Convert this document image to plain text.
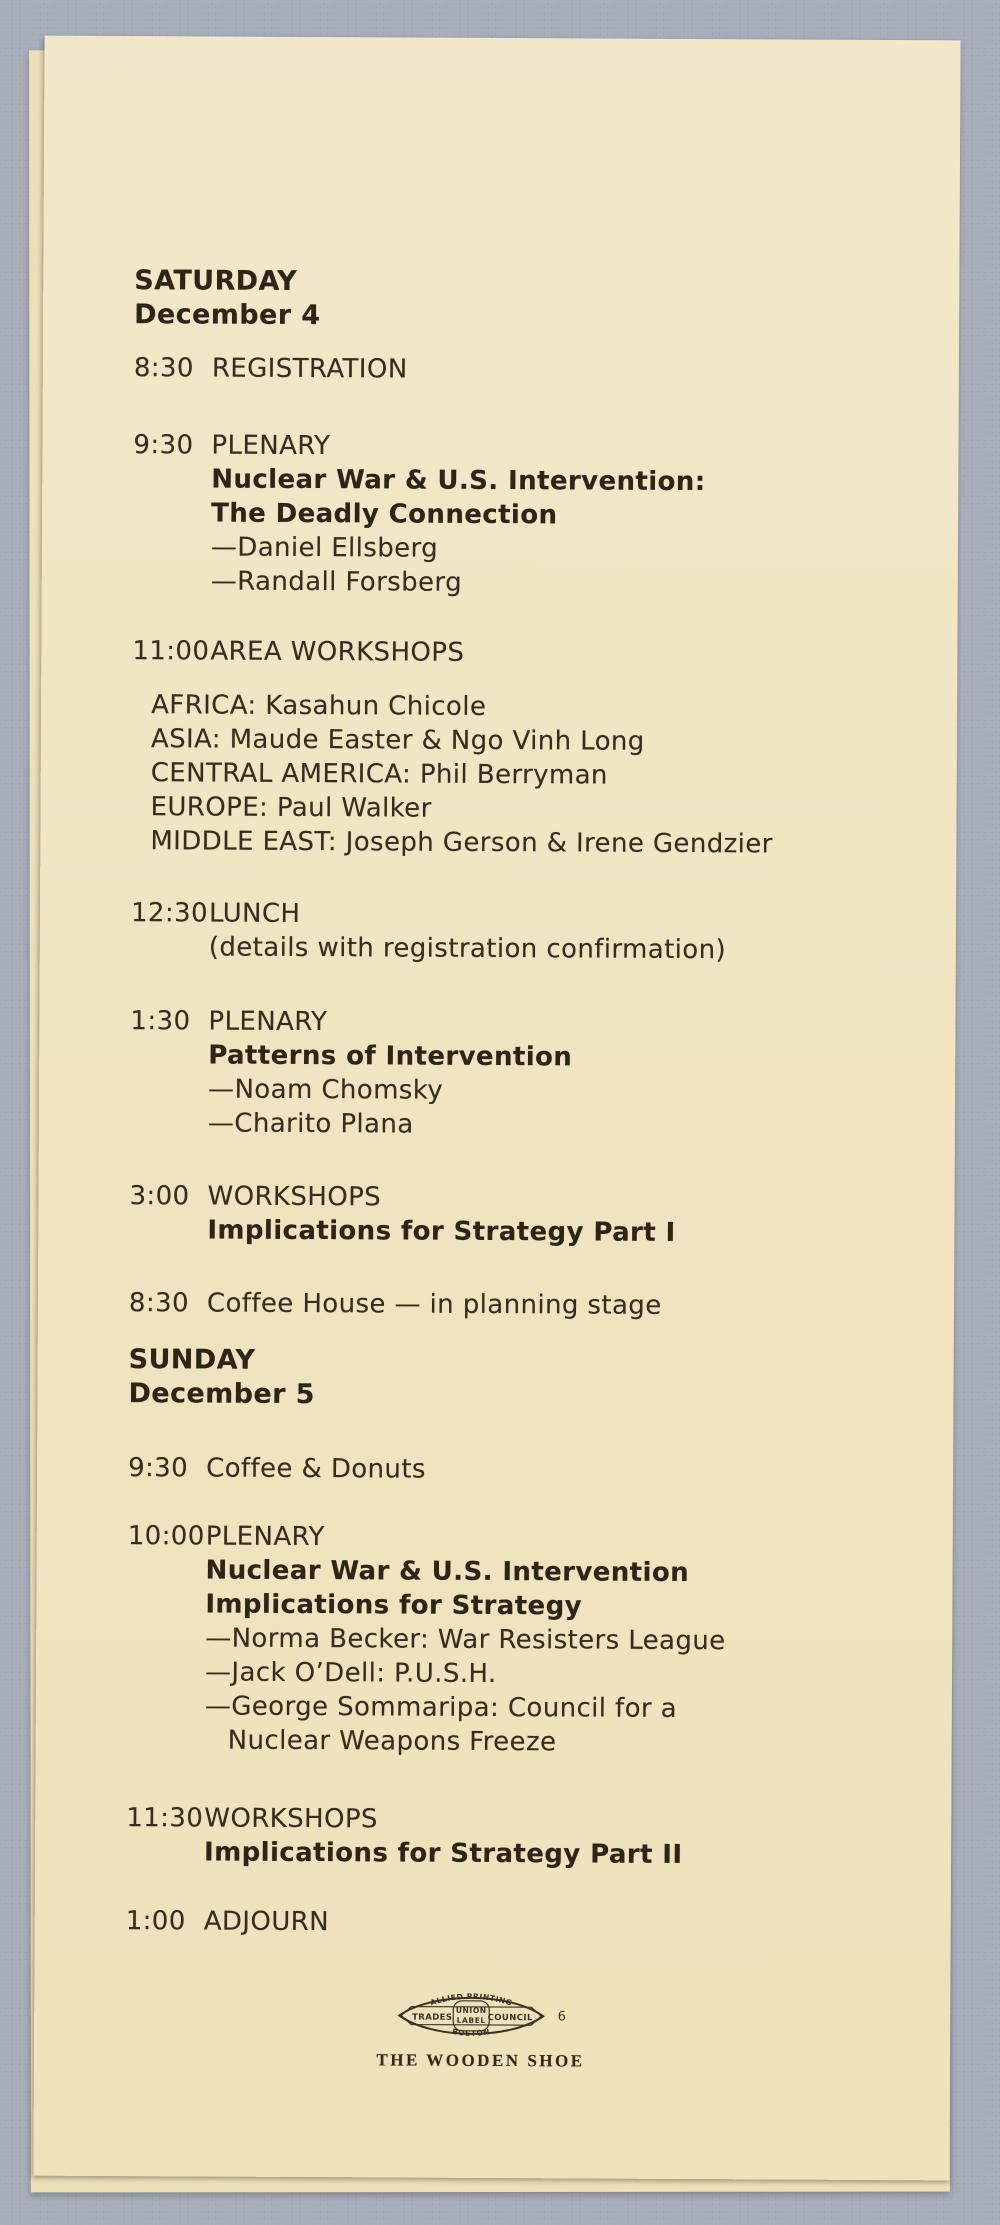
SATURDAY
December 4
8:30 REGISTRATION
9:30 PLENARY
Nuclear War & U.S. Intervention:
The Deadly Connection
—Daniel Ellsberg
—Randall Forsberg
11:00 AREA WORKSHOPS
AFRICA: Kasahun Chicole
ASIA: Maude Easter & Ngo Vinh Long
CENTRAL AMERICA: Phil Berryman
EUROPE: Paul Walker
MIDDLE EAST: Joseph Gerson & Irene Gendzier
12:30 LUNCH
(details with registration confirmation)
1:30 PLENARY
Patterns of Intervention
—Noam Chomsky
—Charito Plana
3:00 WORKSHOPS
Implications for Strategy Part I
8:30 Coffee House — in planning stage
SUNDAY
December 5
9:30 Coffee & Donuts
10:00 PLENARY
Nuclear War & U.S. Intervention
Implications for Strategy
—Norma Becker: War Resisters League
—Jack O’Dell: P.U.S.H.
—George Sommaripa: Council for a
Nuclear Weapons Freeze
11:30 WORKSHOPS
Implications for Strategy Part II
1:00 ADJOURN
ALLIED PRINTING
TRADES
UNION
LABEL COUNCIL
BOSTON
6
THE WOODEN SHOE
